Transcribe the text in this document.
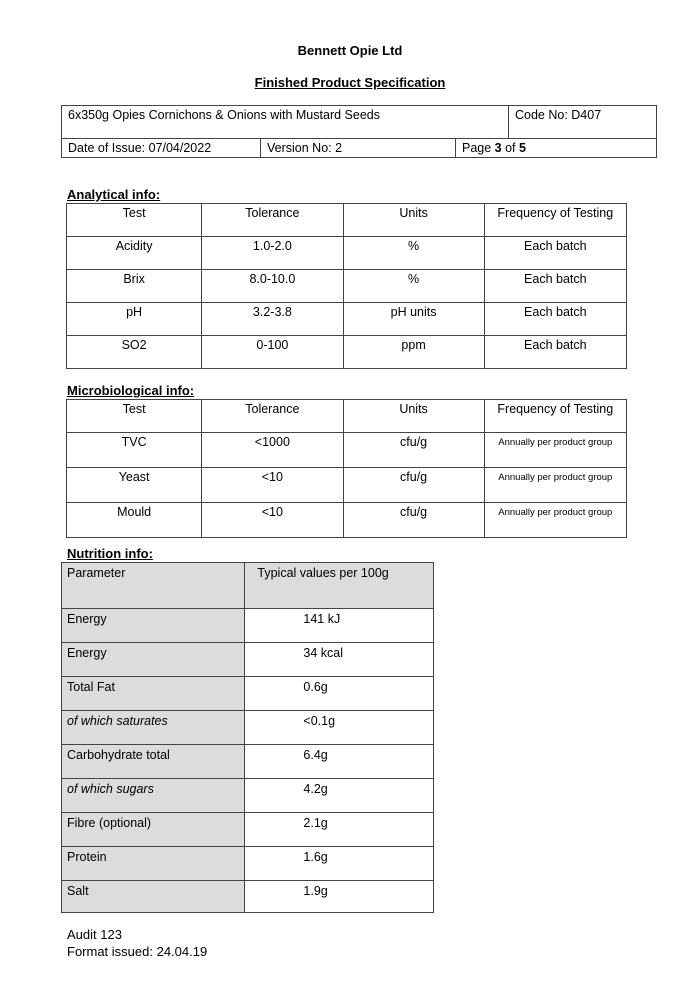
Bennett Opie Ltd
Finished Product Specification
6x350g Opies Cornichons & Onions with Mustard Seeds			Code No: D407
Date of Issue: 07/04/2022	Version No: 2	Page 3 of 5	
Analytical info:
Test	Tolerance	Units	Frequency of Testing
Acidity	1.0-2.0	%	Each batch
Brix	8.0-10.0	%	Each batch
pH	3.2-3.8	pH units	Each batch
SO2	0-100	ppm	Each batch
Microbiological info:
Test	Tolerance	Units	Frequency of Testing
TVC	<1000	cfu/g	Annually per product group
Yeast	<10	cfu/g	Annually per product group
Mould	<10	cfu/g	Annually per product group
Nutrition info:
Parameter	Typical values per 100g
Energy	141 kJ
Energy	34 kcal
Total Fat	0.6g
of which saturates	<0.1g
Carbohydrate total	6.4g
of which sugars	4.2g
Fibre (optional)	2.1g
Protein	1.6g
Salt	1.9g
Audit 123
Format issued: 24.04.19
